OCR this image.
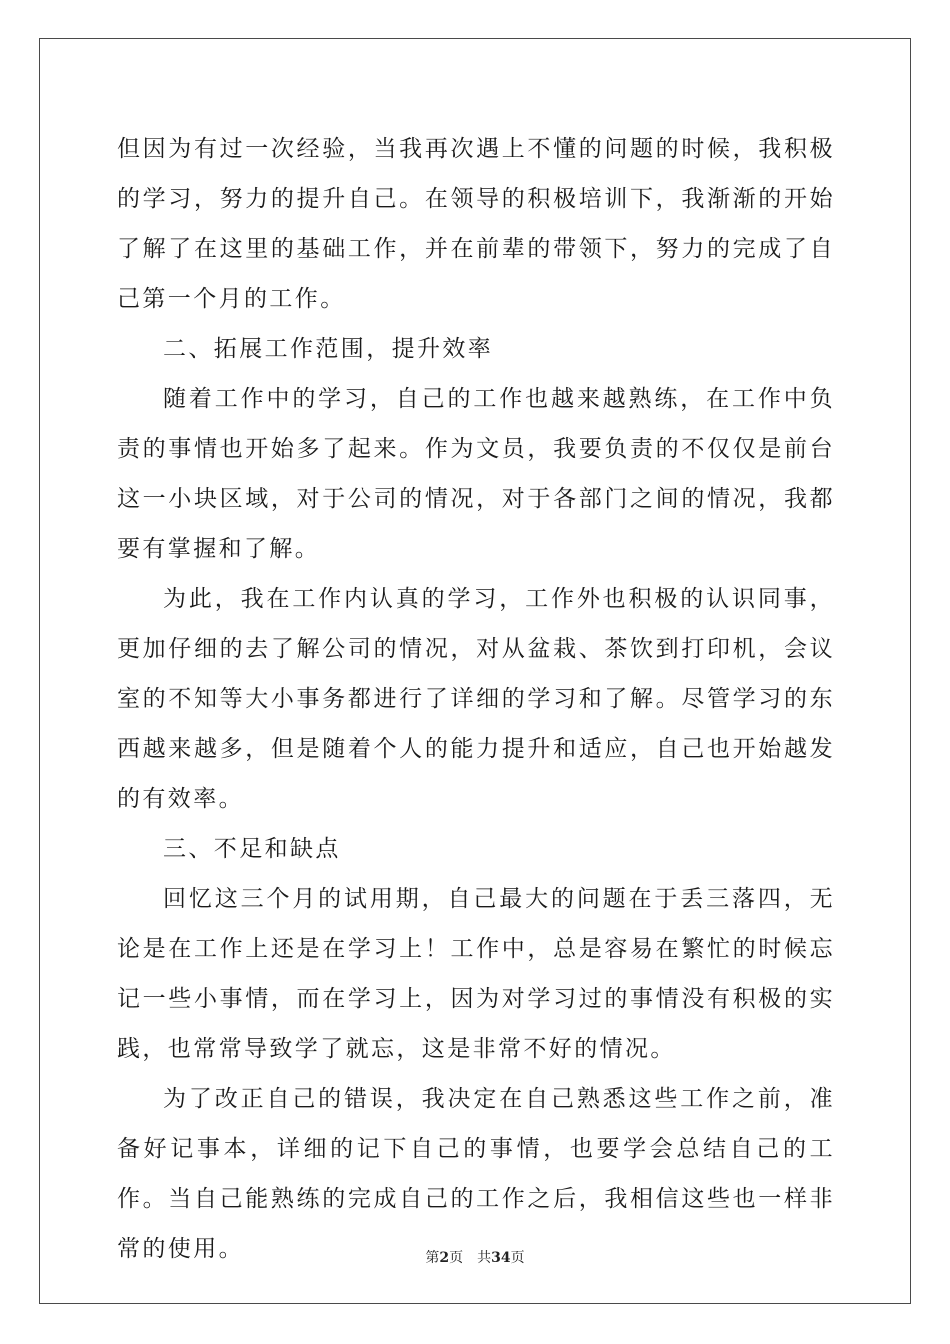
但因为有过一次经验，当我再次遇上不懂的问题的时候，我积极的学习，努力的提升自己。在领导的积极培训下，我渐渐的开始了解了在这里的基础工作，并在前辈的带领下，努力的完成了自己第一个月的工作。

二、拓展工作范围，提升效率

随着工作中的学习，自己的工作也越来越熟练，在工作中负责的事情也开始多了起来。作为文员，我要负责的不仅仅是前台这一小块区域，对于公司的情况，对于各部门之间的情况，我都要有掌握和了解。

为此，我在工作内认真的学习，工作外也积极的认识同事，更加仔细的去了解公司的情况，对从盆栽、茶饮到打印机，会议室的不知等大小事务都进行了详细的学习和了解。尽管学习的东西越来越多，但是随着个人的能力提升和适应，自己也开始越发的有效率。

三、不足和缺点

回忆这三个月的试用期，自己最大的问题在于丢三落四，无论是在工作上还是在学习上！工作中，总是容易在繁忙的时候忘记一些小事情，而在学习上，因为对学习过的事情没有积极的实践，也常常导致学了就忘，这是非常不好的情况。

为了改正自己的错误，我决定在自己熟悉这些工作之前，准备好记事本，详细的记下自己的事情，也要学会总结自己的工作。当自己能熟练的完成自己的工作之后，我相信这些也一样非常的使用。	第2页 共34页
